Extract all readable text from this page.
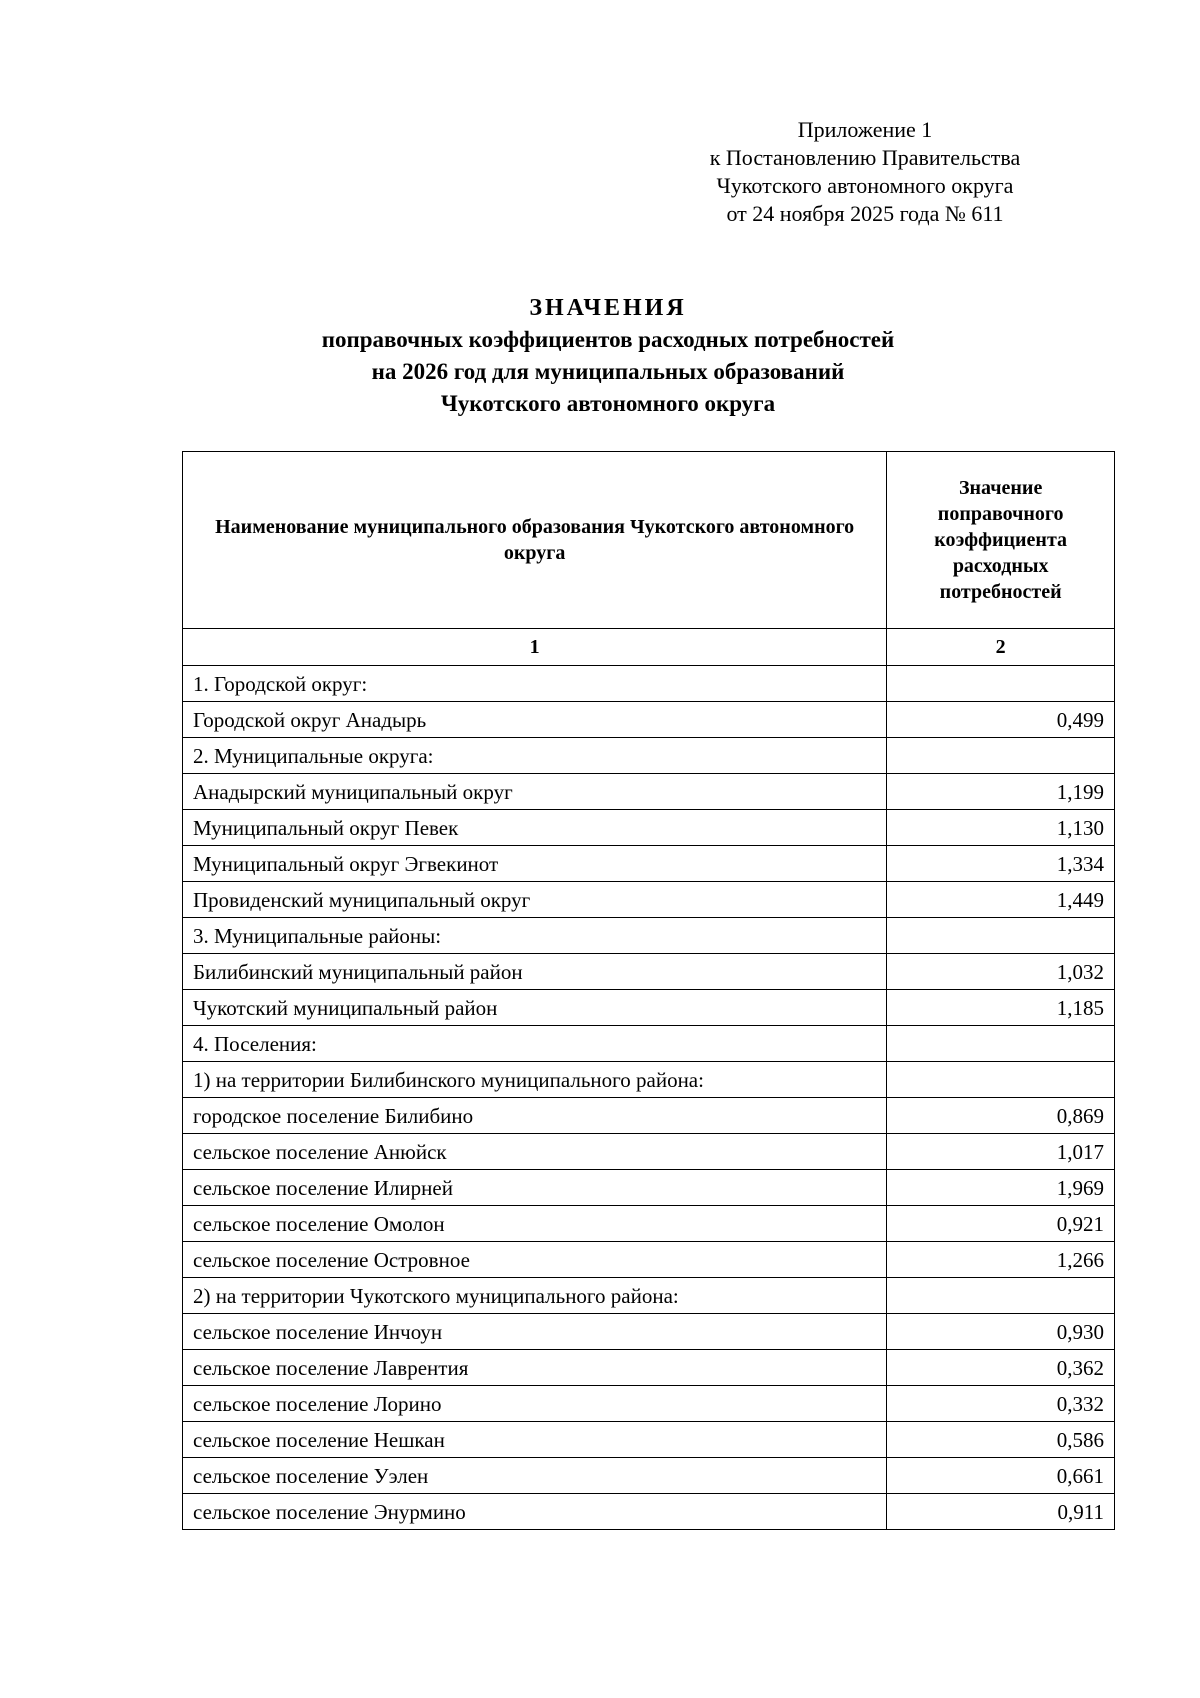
Приложение 1
к Постановлению Правительства
Чукотского автономного округа
от 24 ноября 2025 года № 611
ЗНАЧЕНИЯ
поправочных коэффициентов расходных потребностей
на 2026 год для муниципальных образований
Чукотского автономного округа
Наименование муниципального образования Чукотского автономного округа	Значение поправочного коэффициента расходных потребностей
1	2
1. Городской округ:	
Городской округ Анадырь	0,499
2. Муниципальные округа:	
Анадырский муниципальный округ	1,199
Муниципальный округ Певек	1,130
Муниципальный округ Эгвекинот	1,334
Провиденский муниципальный округ	1,449
3. Муниципальные районы:	
Билибинский муниципальный район	1,032
Чукотский муниципальный район	1,185
4. Поселения:	
1) на территории Билибинского муниципального района:	
городское поселение Билибино	0,869
сельское поселение Анюйск	1,017
сельское поселение Илирней	1,969
сельское поселение Омолон	0,921
сельское поселение Островное	1,266
2) на территории Чукотского муниципального района:	
сельское поселение Инчоун	0,930
сельское поселение Лаврентия	0,362
сельское поселение Лорино	0,332
сельское поселение Нешкан	0,586
сельское поселение Уэлен	0,661
сельское поселение Энурмино	0,911
